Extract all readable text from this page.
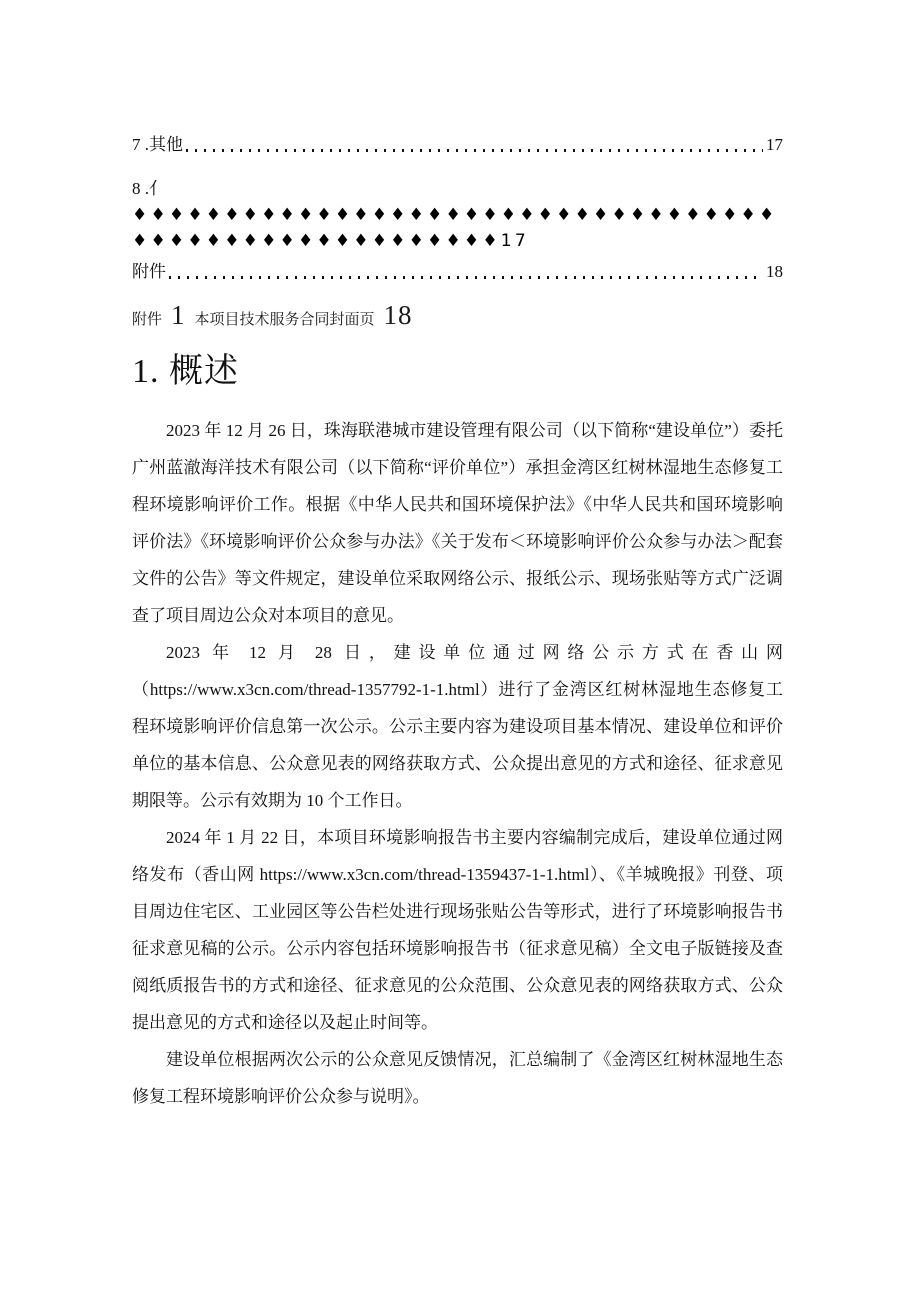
7 .其他	17
8 .亻
♦♦♦♦♦♦♦♦♦♦♦♦♦♦♦♦♦♦♦♦♦♦♦♦♦♦♦♦♦♦♦♦♦♦♦♦♦♦♦♦♦♦♦♦♦♦♦♦♦♦♦♦♦♦♦17
附件	18
附件 1 本项目技术服务合同封面页 18
1. 概述

2023 年 12 月 26 日，珠海联港城市建设管理有限公司（以下简称“建设单位”）委托广州蓝澈海洋技术有限公司（以下简称“评价单位”）承担金湾区红树林湿地生态修复工程环境影响评价工作。根据《中华人民共和国环境保护法》《中华人民共和国环境影响评价法》《环境影响评价公众参与办法》《关于发布＜环境影响评价公众参与办法＞配套文件的公告》等文件规定，建设单位采取网络公示、报纸公示、现场张贴等方式广泛调查了项目周边公众对本项目的意见。

2023 年 12 月 28 日，建设单位通过网络公示方式在香山网（https://www.x3cn.com/thread-1357792-1-1.html）进行了金湾区红树林湿地生态修复工程环境影响评价信息第一次公示。公示主要内容为建设项目基本情况、建设单位和评价单位的基本信息、公众意见表的网络获取方式、公众提出意见的方式和途径、征求意见期限等。公示有效期为 10 个工作日。

2024 年 1 月 22 日，本项目环境影响报告书主要内容编制完成后，建设单位通过网络发布（香山网 https://www.x3cn.com/thread-1359437-1-1.html）、《羊城晚报》刊登、项目周边住宅区、工业园区等公告栏处进行现场张贴公告等形式，进行了环境影响报告书征求意见稿的公示。公示内容包括环境影响报告书（征求意见稿）全文电子版链接及查阅纸质报告书的方式和途径、征求意见的公众范围、公众意见表的网络获取方式、公众提出意见的方式和途径以及起止时间等。

建设单位根据两次公示的公众意见反馈情况，汇总编制了《金湾区红树林湿地生态修复工程环境影响评价公众参与说明》。
